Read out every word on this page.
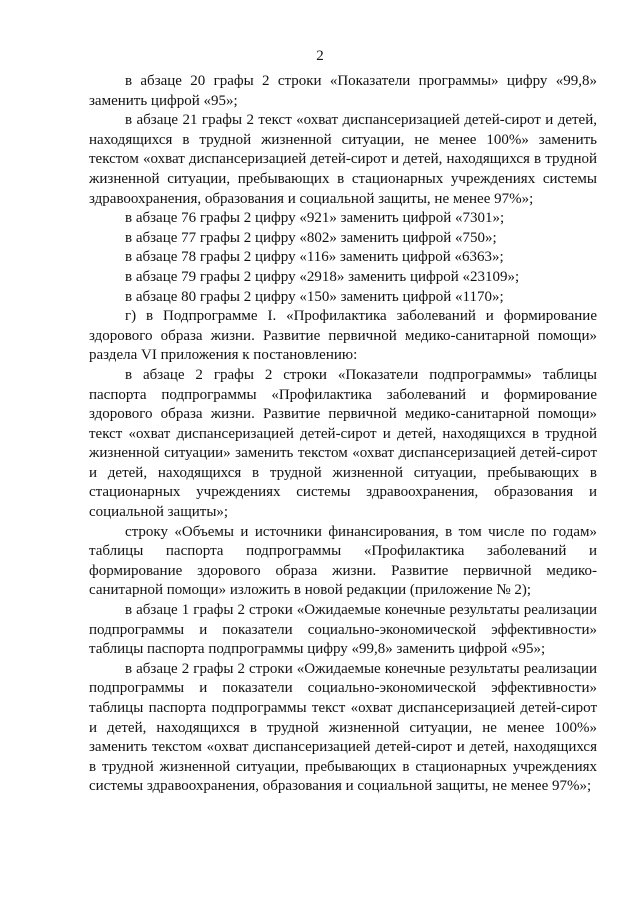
2

в абзаце 20 графы 2 строки «Показатели программы» цифру «99,8» заменить цифрой «95»;

в абзаце 21 графы 2 текст «охват диспансеризацией детей-сирот и детей, находящихся в трудной жизненной ситуации, не менее 100%» заменить текстом «охват диспансеризацией детей-сирот и детей, находящихся в трудной жизненной ситуации, пребывающих в стационарных учреждениях системы здравоохранения, образования и социальной защиты, не менее 97%»;

в абзаце 76 графы 2 цифру «921» заменить цифрой «7301»;

в абзаце 77 графы 2 цифру «802» заменить цифрой «750»;

в абзаце 78 графы 2 цифру «116» заменить цифрой «6363»;

в абзаце 79 графы 2 цифру «2918» заменить цифрой «23109»;

в абзаце 80 графы 2 цифру «150» заменить цифрой «1170»;

г) в Подпрограмме I. «Профилактика заболеваний и формирование здорового образа жизни. Развитие первичной медико-санитарной помощи» раздела VI приложения к постановлению:

в абзаце 2 графы 2 строки «Показатели подпрограммы» таблицы паспорта подпрограммы «Профилактика заболеваний и формирование здорового образа жизни. Развитие первичной медико-санитарной помощи» текст «охват диспансеризацией детей-сирот и детей, находящихся в трудной жизненной ситуации» заменить текстом «охват диспансеризацией детей-сирот и детей, находящихся в трудной жизненной ситуации, пребывающих в стационарных учреждениях системы здравоохранения, образования и социальной защиты»;

строку «Объемы и источники финансирования, в том числе по годам» таблицы паспорта подпрограммы «Профилактика заболеваний и формирование здорового образа жизни. Развитие первичной медико-санитарной помощи» изложить в новой редакции (приложение № 2);

в абзаце 1 графы 2 строки «Ожидаемые конечные результаты реализации подпрограммы и показатели социально-экономической эффективности» таблицы паспорта подпрограммы цифру «99,8» заменить цифрой «95»;

в абзаце 2 графы 2 строки «Ожидаемые конечные результаты реализации подпрограммы и показатели социально-экономической эффективности» таблицы паспорта подпрограммы текст «охват диспансеризацией детей-сирот и детей, находящихся в трудной жизненной ситуации, не менее 100%» заменить текстом «охват диспансеризацией детей-сирот и детей, находящихся в трудной жизненной ситуации, пребывающих в стационарных учреждениях системы здравоохранения, образования и социальной защиты, не менее 97%»;
